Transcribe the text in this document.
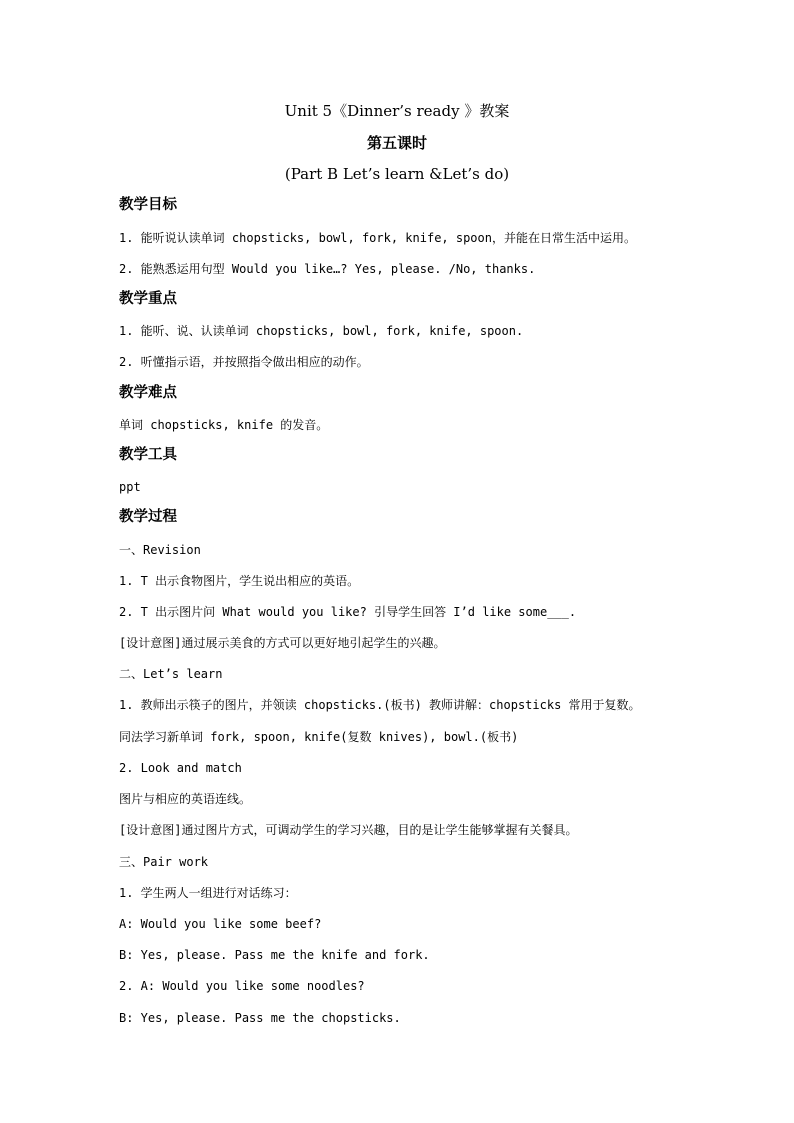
Unit 5《Dinner’s ready 》教案
第五课时
(Part B Let’s learn &Let’s do)
教学目标
1. 能听说认读单词 chopsticks, bowl, fork, knife, spoon，并能在日常生活中运用。
2. 能熟悉运用句型 Would you like…? Yes, please. /No, thanks.
教学重点
1. 能听、说、认读单词 chopsticks, bowl, fork, knife, spoon.
2. 听懂指示语，并按照指令做出相应的动作。
教学难点
单词 chopsticks, knife 的发音。
教学工具
ppt
教学过程
一、Revision
1. T 出示食物图片，学生说出相应的英语。
2. T 出示图片问 What would you like? 引导学生回答 I’d like some___.
[设计意图]通过展示美食的方式可以更好地引起学生的兴趣。
二、Let’s learn
1. 教师出示筷子的图片，并领读 chopsticks.(板书) 教师讲解：chopsticks 常用于复数。
同法学习新单词 fork, spoon, knife(复数 knives), bowl.(板书)
2. Look and match
图片与相应的英语连线。
[设计意图]通过图片方式，可调动学生的学习兴趣，目的是让学生能够掌握有关餐具。
三、Pair work
1. 学生两人一组进行对话练习：
A: Would you like some beef?
B: Yes, please. Pass me the knife and fork.
2. A: Would you like some noodles?
B: Yes, please. Pass me the chopsticks.
